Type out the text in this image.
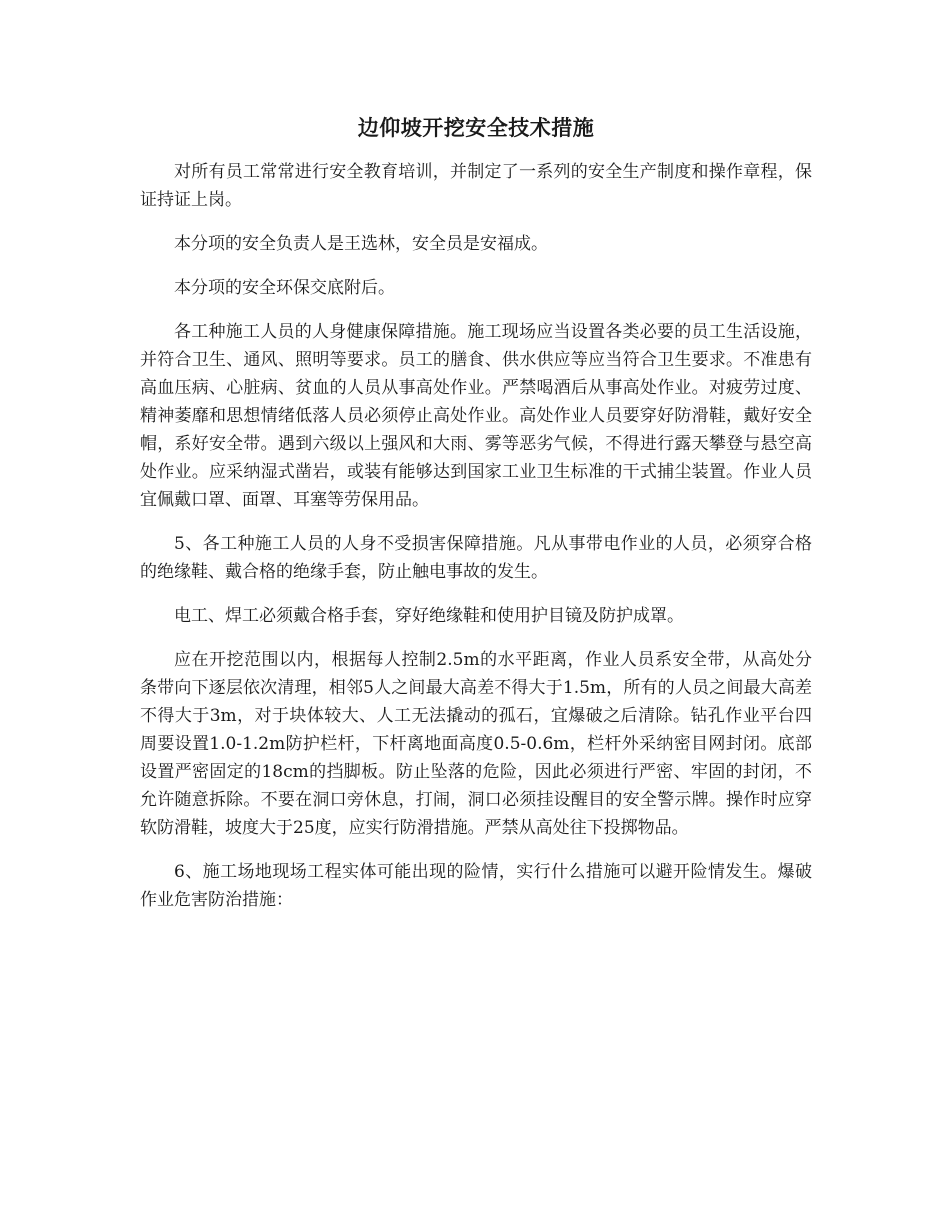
边仰坡开挖安全技术措施

对所有员工常常进行安全教育培训，并制定了一系列的安全生产制度和操作章程，保证持证上岗。

本分项的安全负责人是王选林，安全员是安福成。

本分项的安全环保交底附后。

各工种施工人员的人身健康保障措施。施工现场应当设置各类必要的员工生活设施，并符合卫生、通风、照明等要求。员工的膳食、供水供应等应当符合卫生要求。不准患有高血压病、心脏病、贫血的人员从事高处作业。严禁喝酒后从事高处作业。对疲劳过度、精神萎靡和思想情绪低落人员必须停止高处作业。高处作业人员要穿好防滑鞋，戴好安全帽，系好安全带。遇到六级以上强风和大雨、雾等恶劣气候，不得进行露天攀登与悬空高处作业。应采纳湿式凿岩，或装有能够达到国家工业卫生标准的干式捕尘装置。作业人员宜佩戴口罩、面罩、耳塞等劳保用品。

5、各工种施工人员的人身不受损害保障措施。凡从事带电作业的人员，必须穿合格的绝缘鞋、戴合格的绝缘手套，防止触电事故的发生。

电工、焊工必须戴合格手套，穿好绝缘鞋和使用护目镜及防护成罩。

应在开挖范围以内，根据每人控制2.5m的水平距离，作业人员系安全带，从高处分条带向下逐层依次清理，相邻5人之间最大高差不得大于1.5m，所有的人员之间最大高差不得大于3m，对于块体较大、人工无法撬动的孤石，宜爆破之后清除。钻孔作业平台四周要设置1.0-1.2m防护栏杆，下杆离地面高度0.5-0.6m，栏杆外采纳密目网封闭。底部设置严密固定的18cm的挡脚板。防止坠落的危险，因此必须进行严密、牢固的封闭，不允许随意拆除。不要在洞口旁休息，打闹，洞口必须挂设醒目的安全警示牌。操作时应穿软防滑鞋，坡度大于25度，应实行防滑措施。严禁从高处往下投掷物品。

6、施工场地现场工程实体可能出现的险情，实行什么措施可以避开险情发生。爆破作业危害防治措施：
